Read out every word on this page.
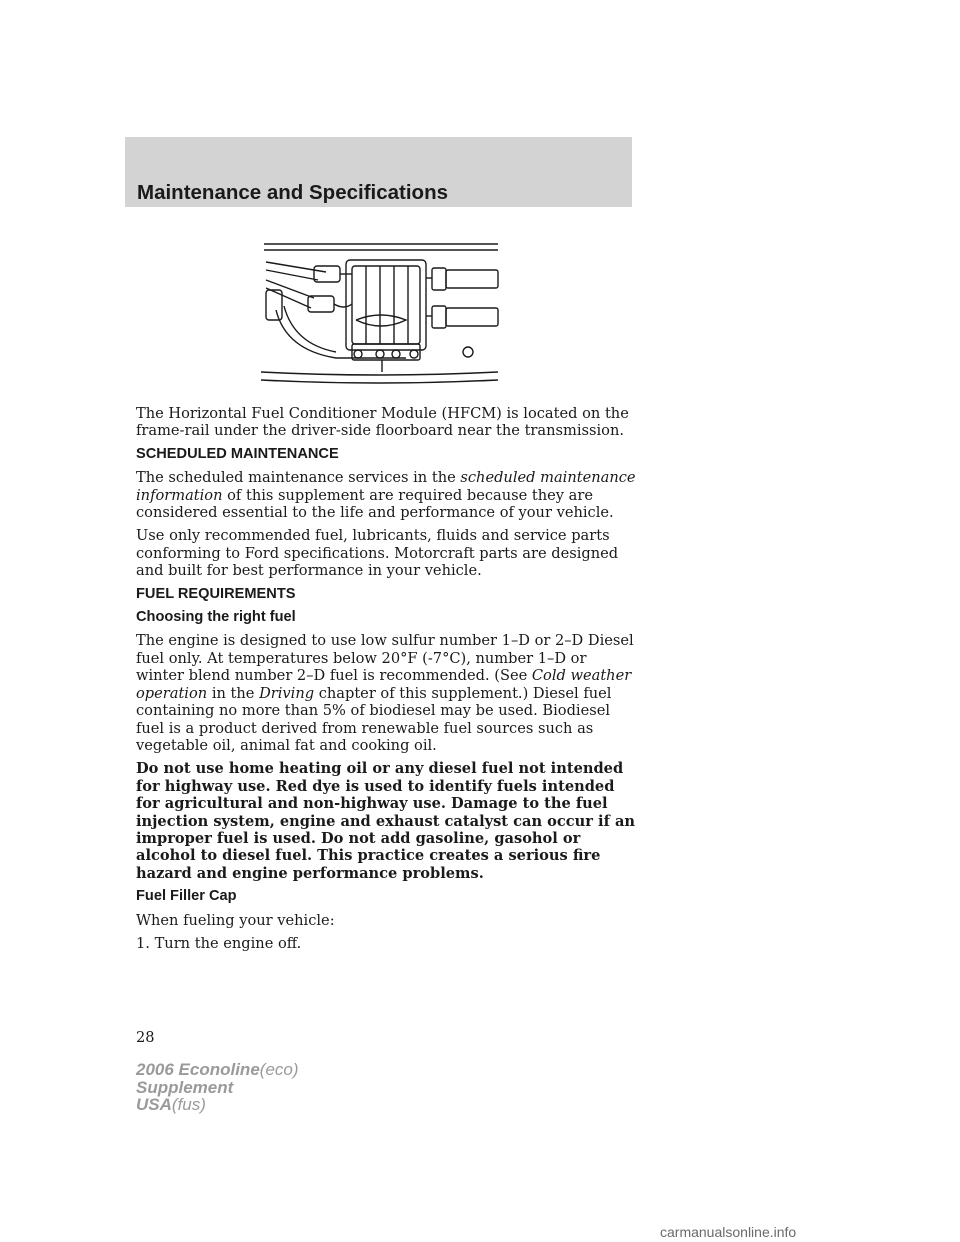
Maintenance and Specifications

The Horizontal Fuel Conditioner Module (HFCM) is located on the frame-rail under the driver-side floorboard near the transmission.

SCHEDULED MAINTENANCE

The scheduled maintenance services in the scheduled maintenance information of this supplement are required because they are considered essential to the life and performance of your vehicle.

Use only recommended fuel, lubricants, fluids and service parts conforming to Ford specifications. Motorcraft parts are designed and built for best performance in your vehicle.

FUEL REQUIREMENTS
Choosing the right fuel

The engine is designed to use low sulfur number 1–D or 2–D Diesel fuel only. At temperatures below 20°F (-7°C), number 1–D or winter blend number 2–D fuel is recommended. (See Cold weather operation in the Driving chapter of this supplement.) Diesel fuel containing no more than 5% of biodiesel may be used. Biodiesel fuel is a product derived from renewable fuel sources such as vegetable oil, animal fat and cooking oil.

Do not use home heating oil or any diesel fuel not intended for highway use. Red dye is used to identify fuels intended for agricultural and non-highway use. Damage to the fuel injection system, engine and exhaust catalyst can occur if an improper fuel is used. Do not add gasoline, gasohol or alcohol to diesel fuel. This practice creates a serious fire hazard and engine performance problems.

Fuel Filler Cap

When fueling your vehicle:

1. Turn the engine off.

28
2006 Econoline(eco)
Supplement
USA(fus)
carmanualsonline.info
